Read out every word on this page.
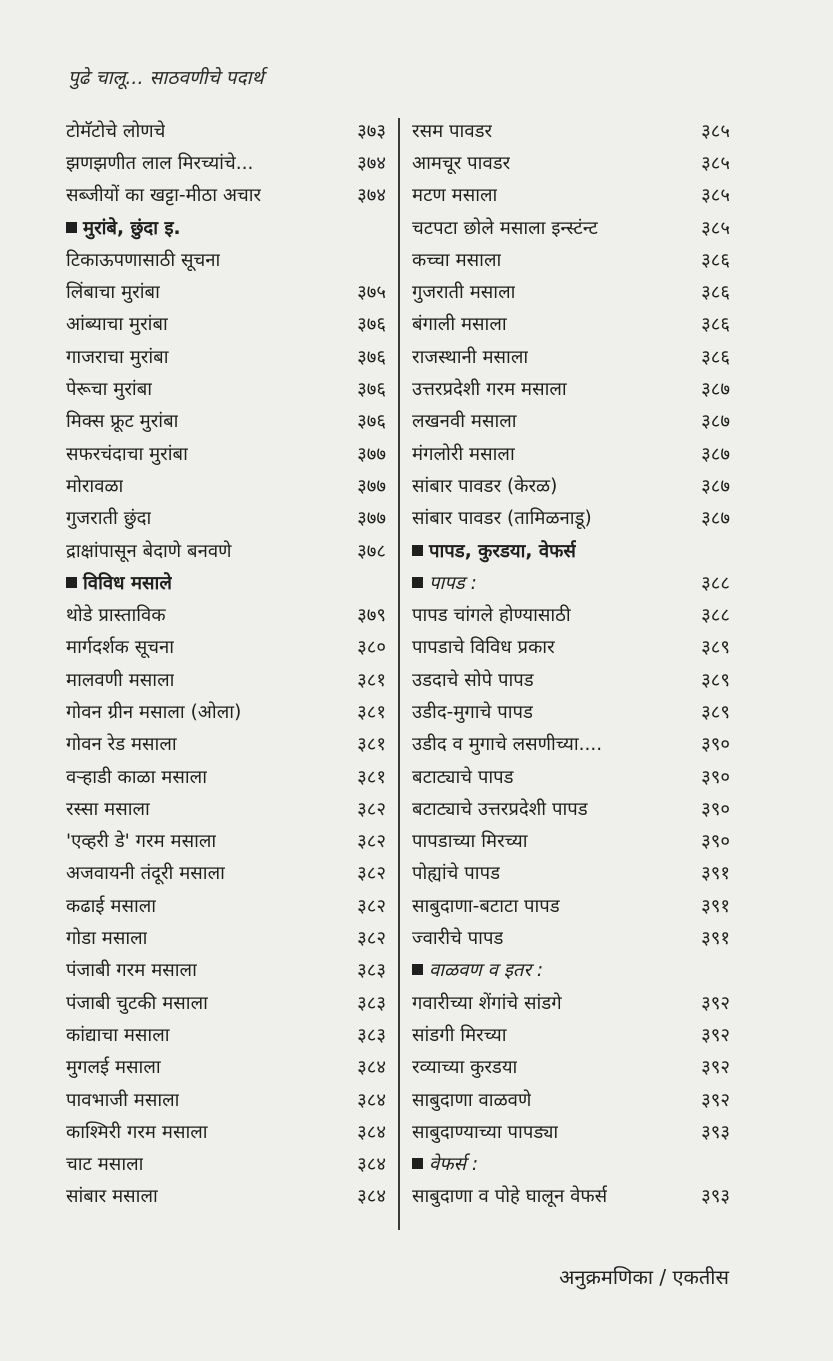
पुढे चालू... साठवणीचे पदार्थ
टोमॅटोचे लोणचे	३७३
झणझणीत लाल मिरच्यांचे...	३७४
सब्जीयों का खट्टा-मीठा अचार	३७४
मुरांबे, छुंदा इ.
टिकाऊपणासाठी सूचना
लिंबाचा मुरांबा	३७५
आंब्याचा मुरांबा	३७६
गाजराचा मुरांबा	३७६
पेरूचा मुरांबा	३७६
मिक्स फ्रूट मुरांबा	३७६
सफरचंदाचा मुरांबा	३७७
मोरावळा	३७७
गुजराती छुंदा	३७७
द्राक्षांपासून बेदाणे बनवणे	३७८
विविध मसाले
थोडे प्रास्ताविक	३७९
मार्गदर्शक सूचना	३८०
मालवणी मसाला	३८१
गोवन ग्रीन मसाला (ओला)	३८१
गोवन रेड मसाला	३८१
वऱ्हाडी काळा मसाला	३८१
रस्सा मसाला	३८२
'एव्हरी डे' गरम मसाला	३८२
अजवायनी तंदूरी मसाला	३८२
कढाई मसाला	३८२
गोडा मसाला	३८२
पंजाबी गरम मसाला	३८३
पंजाबी चुटकी मसाला	३८३
कांद्याचा मसाला	३८३
मुगलई मसाला	३८४
पावभाजी मसाला	३८४
काश्मिरी गरम मसाला	३८४
चाट मसाला	३८४
सांबार मसाला	३८४
रसम पावडर	३८५
आमचूर पावडर	३८५
मटण मसाला	३८५
चटपटा छोले मसाला इन्स्टंन्ट	३८५
कच्चा मसाला	३८६
गुजराती मसाला	३८६
बंगाली मसाला	३८६
राजस्थानी मसाला	३८६
उत्तरप्रदेशी गरम मसाला	३८७
लखनवी मसाला	३८७
मंगलोरी मसाला	३८७
सांबार पावडर (केरळ)	३८७
सांबार पावडर (तामिळनाडू)	३८७
पापड, कुरडया, वेफर्स
पापड :	३८८
पापड चांगले होण्यासाठी	३८८
पापडाचे विविध प्रकार	३८९
उडदाचे सोपे पापड	३८९
उडीद-मुगाचे पापड	३८९
उडीद व मुगाचे लसणीच्या....	३९०
बटाट्याचे पापड	३९०
बटाट्याचे उत्तरप्रदेशी पापड	३९०
पापडाच्या मिरच्या	३९०
पोह्यांचे पापड	३९१
साबुदाणा-बटाटा पापड	३९१
ज्वारीचे पापड	३९१
वाळवण व इतर :
गवारीच्या शेंगांचे सांडगे	३९२
सांडगी मिरच्या	३९२
रव्याच्या कुरडया	३९२
साबुदाणा वाळवणे	३९२
साबुदाण्याच्या पापड्या	३९३
वेफर्स :
साबुदाणा व पोहे घालून वेफर्स	३९३
अनुक्रमणिका / एकतीस
